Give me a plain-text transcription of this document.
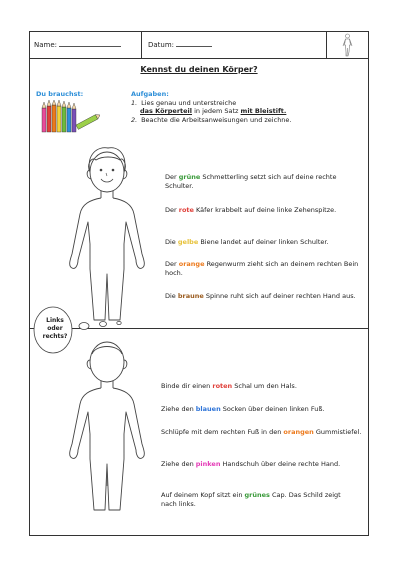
Name:	Datum:
Kennst du deinen Körper?
Du brauchst:	Aufgaben:
1. Lies genau und unterstreiche
das Körperteil in jedem Satz mit Bleistift.
2. Beachte die Arbeitsanweisungen und zeichne.
Der grüne Schmetterling setzt sich auf deine rechte Schulter.
Der rote Käfer krabbelt auf deine linke Zehenspitze.
Die gelbe Biene landet auf deiner linken Schulter.
Der orange Regenwurm zieht sich an deinem rechten Bein hoch.
Die braune Spinne ruht sich auf deiner rechten Hand aus.
Links
oder
rechts?
Binde dir einen roten Schal um den Hals.
Ziehe den blauen Socken über deinen linken Fuß.
Schlüpfe mit dem rechten Fuß in den orangen Gummistiefel.
Ziehe den pinken Handschuh über deine rechte Hand.
Auf deinem Kopf sitzt ein grünes Cap. Das Schild zeigt nach links.
